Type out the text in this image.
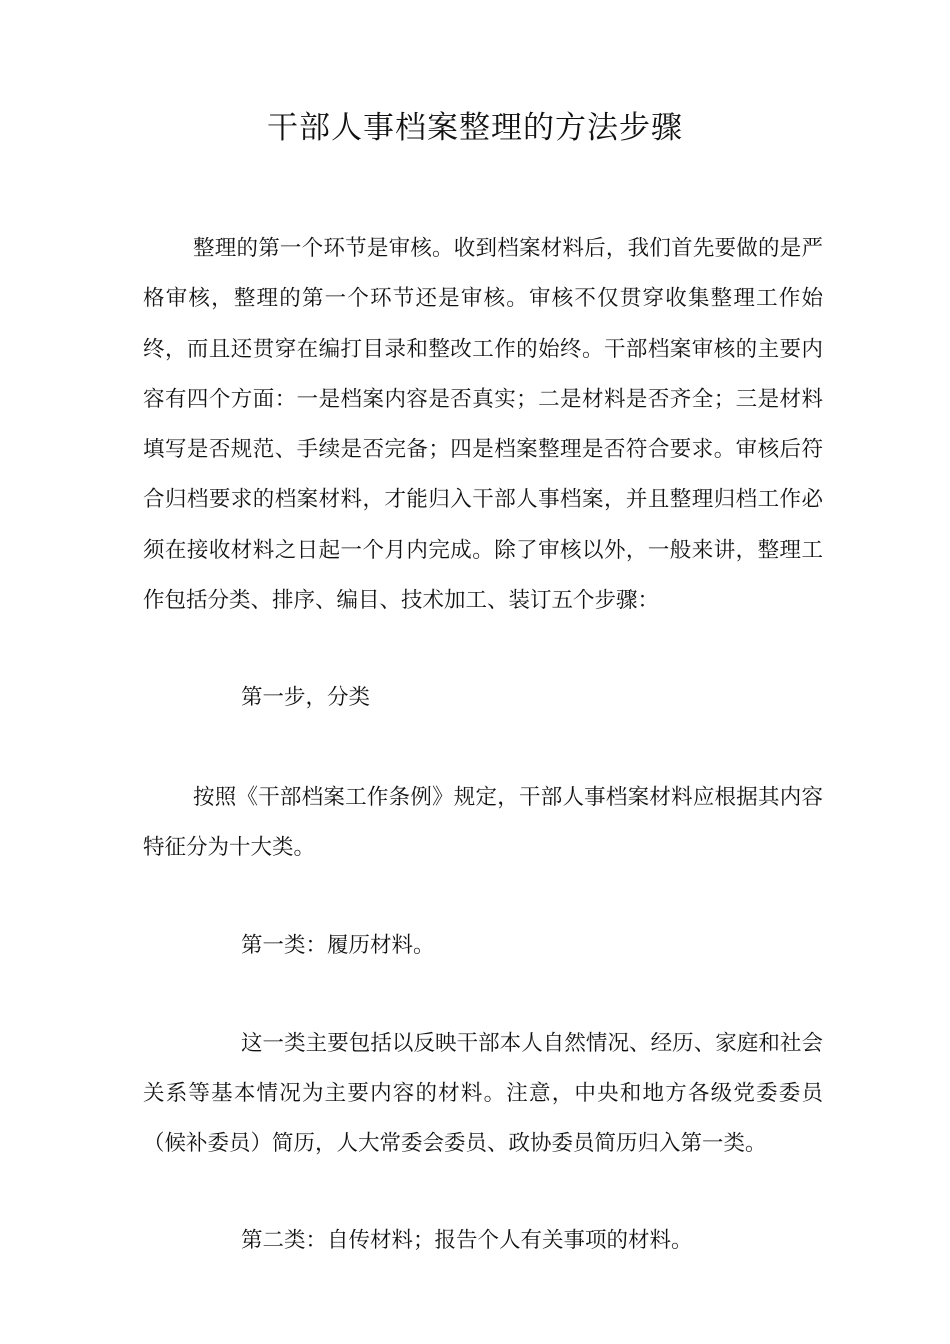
干部人事档案整理的方法步骤

整理的第一个环节是审核。收到档案材料后，我们首先要做的是严格审核，整理的第一个环节还是审核。审核不仅贯穿收集整理工作始终，而且还贯穿在编打目录和整改工作的始终。干部档案审核的主要内容有四个方面：一是档案内容是否真实；二是材料是否齐全；三是材料填写是否规范、手续是否完备；四是档案整理是否符合要求。审核后符合归档要求的档案材料，才能归入干部人事档案，并且整理归档工作必须在接收材料之日起一个月内完成。除了审核以外，一般来讲，整理工作包括分类、排序、编目、技术加工、装订五个步骤：

第一步，分类

按照《干部档案工作条例》规定，干部人事档案材料应根据其内容特征分为十大类。

第一类：履历材料。

这一类主要包括以反映干部本人自然情况、经历、家庭和社会关系等基本情况为主要内容的材料。注意，中央和地方各级党委委员（候补委员）简历，人大常委会委员、政协委员简历归入第一类。

第二类：自传材料；报告个人有关事项的材料。
